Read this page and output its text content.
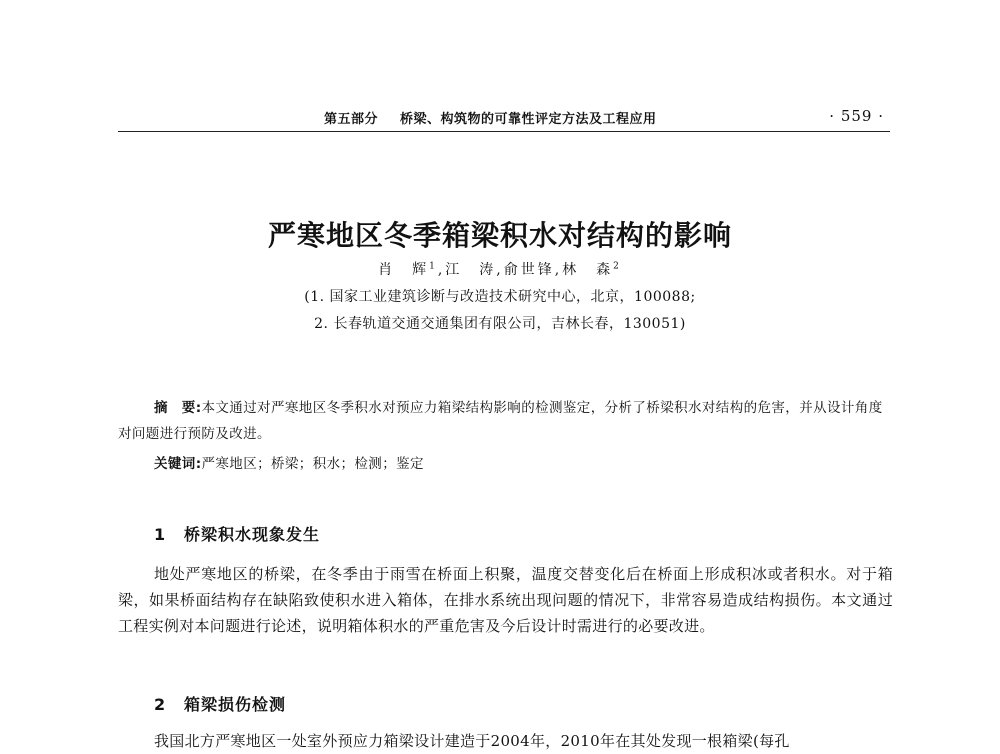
第五部分 桥梁、构筑物的可靠性评定方法及工程应用	· 559 ·
严寒地区冬季箱梁积水对结构的影响
肖　辉$^1$,江　涛,俞世锋,林　森$^2$
(1. 国家工业建筑诊断与改造技术研究中心，北京，100088;
2. 长春轨道交通交通集团有限公司，吉林长春，130051)
摘　要:本文通过对严寒地区冬季积水对预应力箱梁结构影响的检测鉴定，分析了桥梁积水对结构的危害，并从设计角度对问题进行预防及改进。
关键词:严寒地区；桥梁；积水；检测；鉴定
1 桥梁积水现象发生
地处严寒地区的桥梁，在冬季由于雨雪在桥面上积聚，温度交替变化后在桥面上形成积冰或者积水。对于箱梁，如果桥面结构存在缺陷致使积水进入箱体，在排水系统出现问题的情况下，非常容易造成结构损伤。本文通过工程实例对本问题进行论述，说明箱体积水的严重危害及今后设计时需进行的必要改进。
2 箱梁损伤检测
我国北方严寒地区一处室外预应力箱梁设计建造于2004年，2010年在其处发现一根箱梁(每孔
